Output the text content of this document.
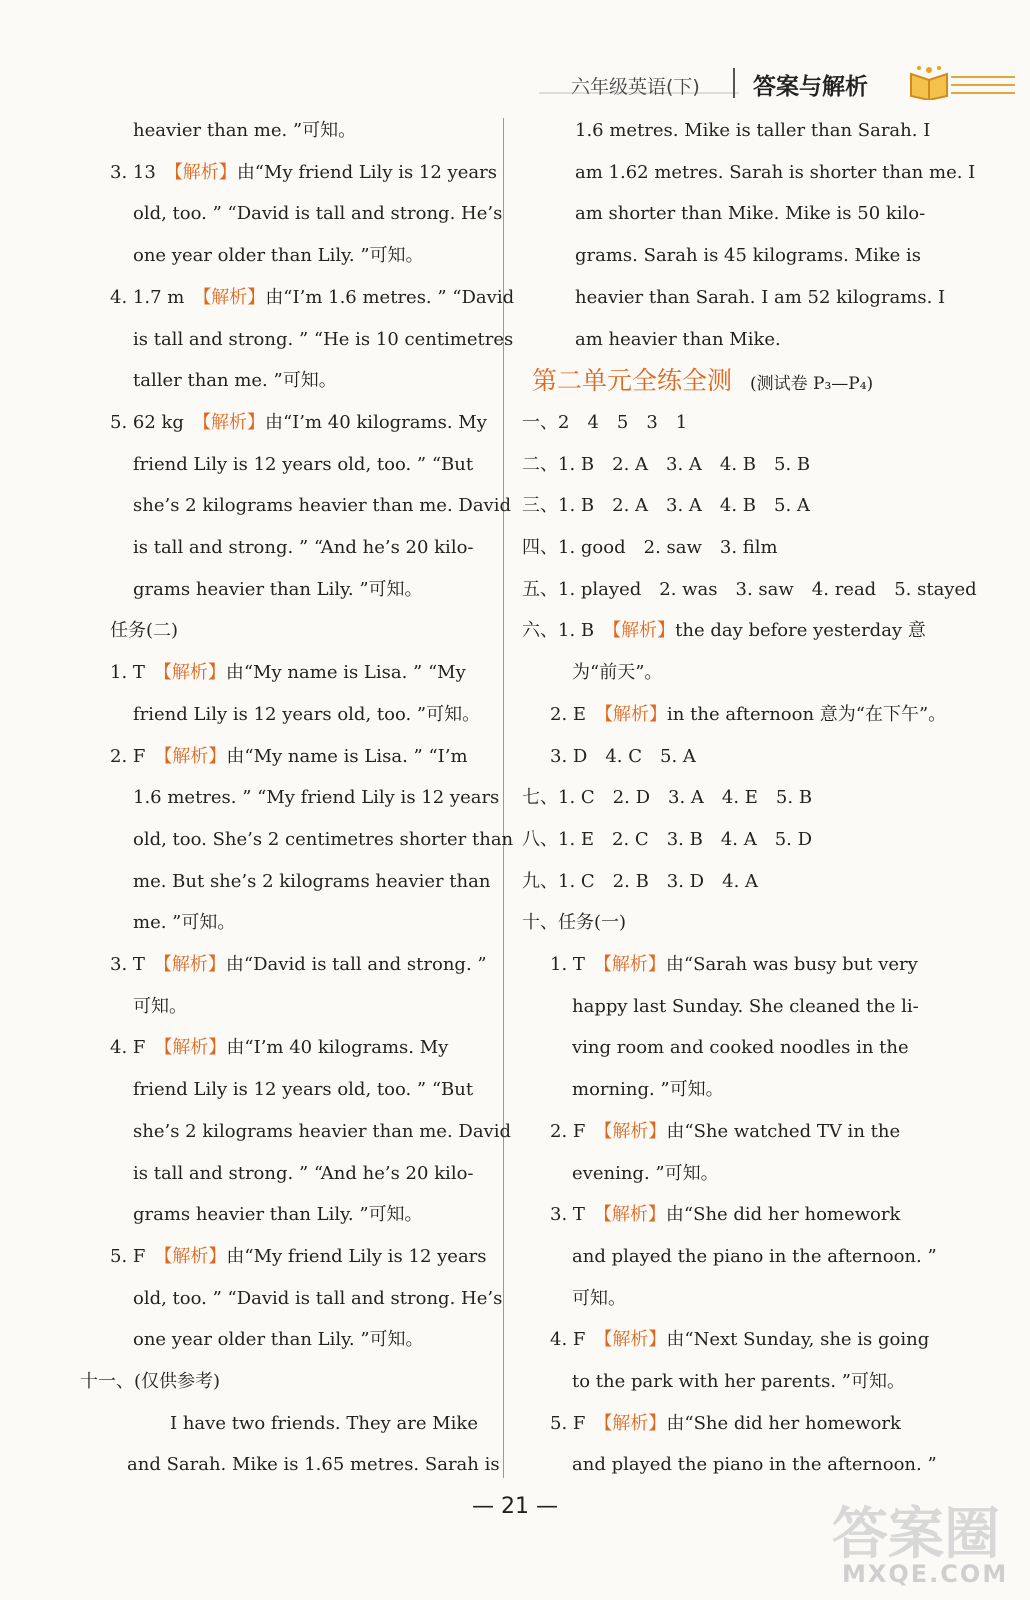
六年级英语(下) 答案与解析
heavier than me. ”可知。
3. 13　【解析】由“My friend Lily is 12 years
old, too. ” “David is tall and strong. He’s
one year older than Lily. ”可知。
4. 1.7 m　【解析】由“I’m 1.6 metres. ” “David
is tall and strong. ” “He is 10 centimetres
taller than me. ”可知。
5. 62 kg　【解析】由“I’m 40 kilograms. My
friend Lily is 12 years old, too. ” “But
she’s 2 kilograms heavier than me. David
is tall and strong. ” “And he’s 20 kilo-
grams heavier than Lily. ”可知。
任务(二)
1. T　【解析】由“My name is Lisa. ” “My
friend Lily is 12 years old, too. ”可知。
2. F　【解析】由“My name is Lisa. ” “I’m
1.6 metres. ” “My friend Lily is 12 years
old, too. She’s 2 centimetres shorter than
me. But she’s 2 kilograms heavier than
me. ”可知。
3. T　【解析】由“David is tall and strong. ”
可知。
4. F　【解析】由“I’m 40 kilograms. My
friend Lily is 12 years old, too. ” “But
she’s 2 kilograms heavier than me. David
is tall and strong. ” “And he’s 20 kilo-
grams heavier than Lily. ”可知。
5. F　【解析】由“My friend Lily is 12 years
old, too. ” “David is tall and strong. He’s
one year older than Lily. ”可知。
十一、(仅供参考)
I have two friends. They are Mike
and Sarah. Mike is 1.65 metres. Sarah is
1.6 metres. Mike is taller than Sarah. I
am 1.62 metres. Sarah is shorter than me. I
am shorter than Mike. Mike is 50 kilo-
grams. Sarah is 45 kilograms. Mike is
heavier than Sarah. I am 52 kilograms. I
am heavier than Mike.
第二单元全练全测 (测试卷 P₃—P₄)
一、2　4　5　3　1
二、1. B　2. A　3. A　4. B　5. B
三、1. B　2. A　3. A　4. B　5. A
四、1. good　2. saw　3. film
五、1. played　2. was　3. saw　4. read　5. stayed
六、1. B　【解析】the day before yesterday 意
为“前天”。
2. E　【解析】in the afternoon 意为“在下午”。
3. D　4. C　5. A
七、1. C　2. D　3. A　4. E　5. B
八、1. E　2. C　3. B　4. A　5. D
九、1. C　2. B　3. D　4. A
十、任务(一)
1. T　【解析】由“Sarah was busy but very
happy last Sunday. She cleaned the li-
ving room and cooked noodles in the
morning. ”可知。
2. F　【解析】由“She watched TV in the
evening. ”可知。
3. T　【解析】由“She did her homework
and played the piano in the afternoon. ”
可知。
4. F　【解析】由“Next Sunday, she is going
to the park with her parents. ”可知。
5. F　【解析】由“She did her homework
and played the piano in the afternoon. ”
— 21 —	答案圈
MXQE.COM
